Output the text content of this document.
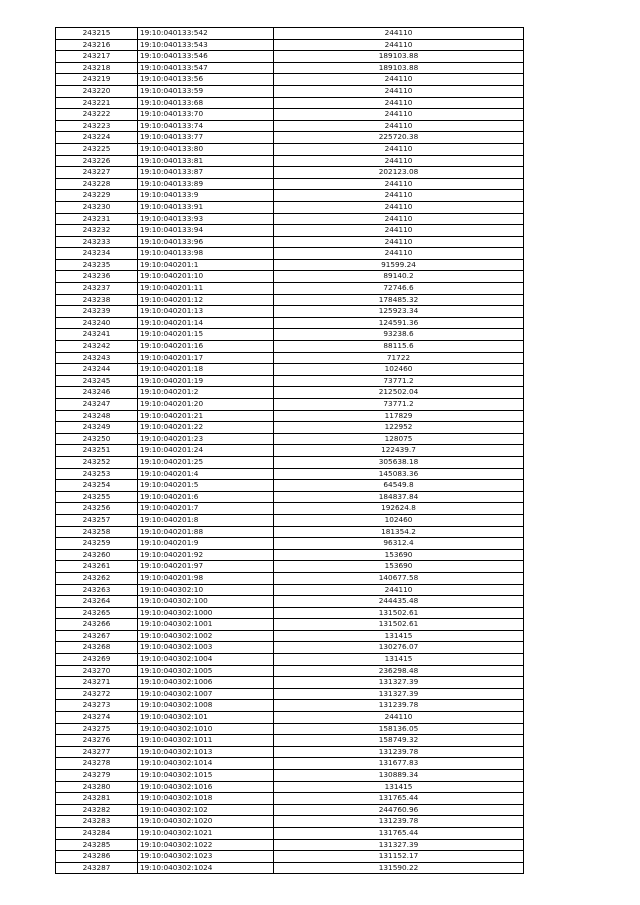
243215	19:10:040133:542	244110
243216	19:10:040133:543	244110
243217	19:10:040133:546	189103.88
243218	19:10:040133:547	189103.88
243219	19:10:040133:56	244110
243220	19:10:040133:59	244110
243221	19:10:040133:68	244110
243222	19:10:040133:70	244110
243223	19:10:040133:74	244110
243224	19:10:040133:77	225720.38
243225	19:10:040133:80	244110
243226	19:10:040133:81	244110
243227	19:10:040133:87	202123.08
243228	19:10:040133:89	244110
243229	19:10:040133:9	244110
243230	19:10:040133:91	244110
243231	19:10:040133:93	244110
243232	19:10:040133:94	244110
243233	19:10:040133:96	244110
243234	19:10:040133:98	244110
243235	19:10:040201:1	91599.24
243236	19:10:040201:10	89140.2
243237	19:10:040201:11	72746.6
243238	19:10:040201:12	178485.32
243239	19:10:040201:13	125923.34
243240	19:10:040201:14	124591.36
243241	19:10:040201:15	93238.6
243242	19:10:040201:16	88115.6
243243	19:10:040201:17	71722
243244	19:10:040201:18	102460
243245	19:10:040201:19	73771.2
243246	19:10:040201:2	212502.04
243247	19:10:040201:20	73771.2
243248	19:10:040201:21	117829
243249	19:10:040201:22	122952
243250	19:10:040201:23	128075
243251	19:10:040201:24	122439.7
243252	19:10:040201:25	305638.18
243253	19:10:040201:4	145083.36
243254	19:10:040201:5	64549.8
243255	19:10:040201:6	184837.84
243256	19:10:040201:7	192624.8
243257	19:10:040201:8	102460
243258	19:10:040201:88	181354.2
243259	19:10:040201:9	96312.4
243260	19:10:040201:92	153690
243261	19:10:040201:97	153690
243262	19:10:040201:98	140677.58
243263	19:10:040302:10	244110
243264	19:10:040302:100	244435.48
243265	19:10:040302:1000	131502.61
243266	19:10:040302:1001	131502.61
243267	19:10:040302:1002	131415
243268	19:10:040302:1003	130276.07
243269	19:10:040302:1004	131415
243270	19:10:040302:1005	236298.48
243271	19:10:040302:1006	131327.39
243272	19:10:040302:1007	131327.39
243273	19:10:040302:1008	131239.78
243274	19:10:040302:101	244110
243275	19:10:040302:1010	158136.05
243276	19:10:040302:1011	158749.32
243277	19:10:040302:1013	131239.78
243278	19:10:040302:1014	131677.83
243279	19:10:040302:1015	130889.34
243280	19:10:040302:1016	131415
243281	19:10:040302:1018	131765.44
243282	19:10:040302:102	244760.96
243283	19:10:040302:1020	131239.78
243284	19:10:040302:1021	131765.44
243285	19:10:040302:1022	131327.39
243286	19:10:040302:1023	131152.17
243287	19:10:040302:1024	131590.22
